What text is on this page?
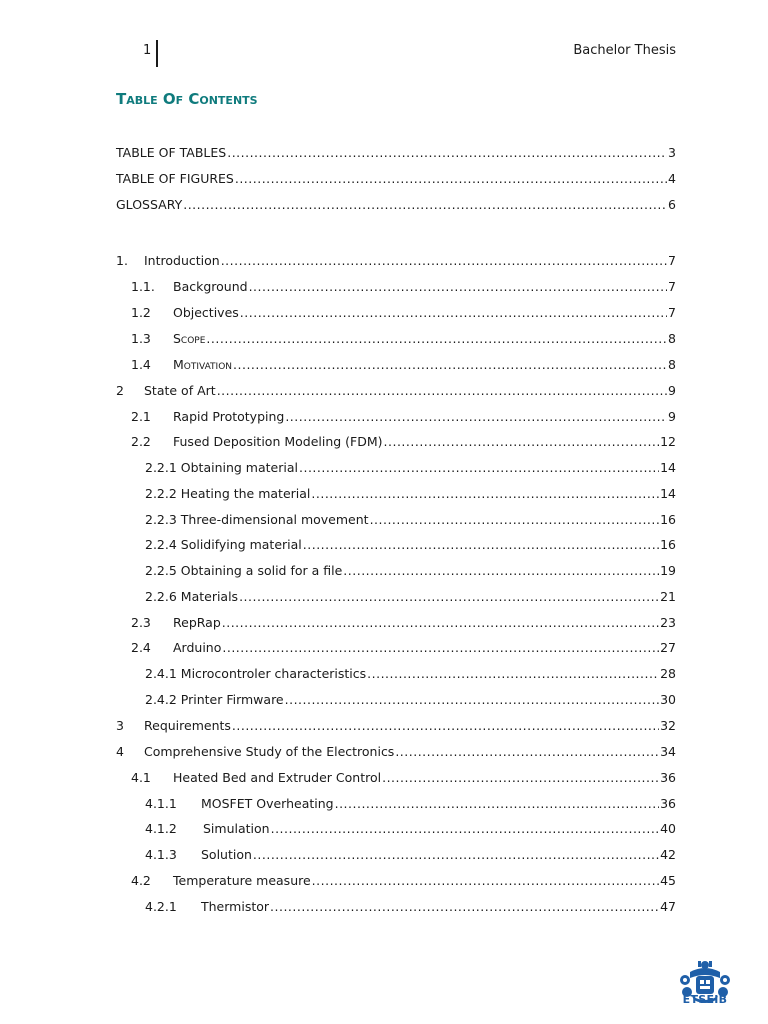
1	Bachelor Thesis
Table Of Contents
TABLE OF TABLES .....	3
TABLE OF FIGURES .....	4
GLOSSARY .....	6
1.	Introduction .....	7
1.1.	Background .....	7
1.2	Objectives .....	7
1.3	Scope .....	8
1.4	Motivation .....	8
2	State of Art .....	9
2.1	Rapid Prototyping .....	9
2.2	Fused Deposition Modeling (FDM) .....	12
2.2.1 Obtaining material .....	14
2.2.2 Heating the material .....	14
2.2.3 Three-dimensional movement .....	16
2.2.4 Solidifying material .....	16
2.2.5 Obtaining a solid for a file .....	19
2.2.6 Materials .....	21
2.3	RepRap .....	23
2.4	Arduino .....	27
2.4.1 Microcontroler characteristics .....	28
2.4.2 Printer Firmware .....	30
3	Requirements .....	32
4	Comprehensive Study of the Electronics .....	34
4.1	Heated Bed and Extruder Control .....	36
4.1.1	MOSFET Overheating .....	36
4.1.2	Simulation .....	40
4.1.3	Solution .....	42
4.2	Temperature measure .....	45
4.2.1	Thermistor .....	47
ETSEIB
